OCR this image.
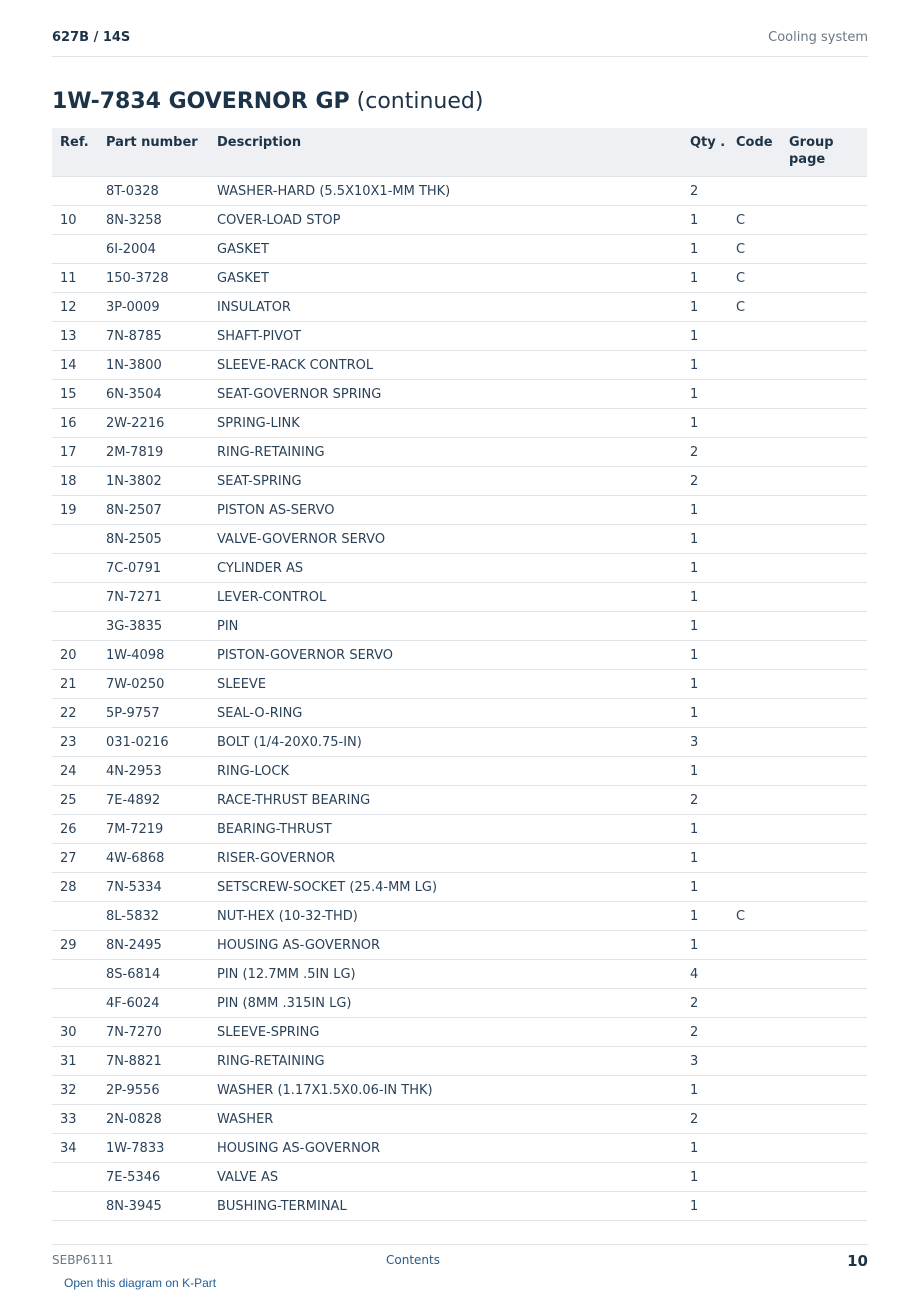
627B / 14S	Cooling system
1W-7834 GOVERNOR GP (continued)
Ref.	Part number	Description	Qty .	Code	Group page
	8T-0328	WASHER-HARD (5.5X10X1-MM THK)	2		
10	8N-3258	COVER-LOAD STOP	1	C	
	6I-2004	GASKET	1	C	
11	150-3728	GASKET	1	C	
12	3P-0009	INSULATOR	1	C	
13	7N-8785	SHAFT-PIVOT	1		
14	1N-3800	SLEEVE-RACK CONTROL	1		
15	6N-3504	SEAT-GOVERNOR SPRING	1		
16	2W-2216	SPRING-LINK	1		
17	2M-7819	RING-RETAINING	2		
18	1N-3802	SEAT-SPRING	2		
19	8N-2507	PISTON AS-SERVO	1		
	8N-2505	VALVE-GOVERNOR SERVO	1		
	7C-0791	CYLINDER AS	1		
	7N-7271	LEVER-CONTROL	1		
	3G-3835	PIN	1		
20	1W-4098	PISTON-GOVERNOR SERVO	1		
21	7W-0250	SLEEVE	1		
22	5P-9757	SEAL-O-RING	1		
23	031-0216	BOLT (1/4-20X0.75-IN)	3		
24	4N-2953	RING-LOCK	1		
25	7E-4892	RACE-THRUST BEARING	2		
26	7M-7219	BEARING-THRUST	1		
27	4W-6868	RISER-GOVERNOR	1		
28	7N-5334	SETSCREW-SOCKET (25.4-MM LG)	1		
	8L-5832	NUT-HEX (10-32-THD)	1	C	
29	8N-2495	HOUSING AS-GOVERNOR	1		
	8S-6814	PIN (12.7MM .5IN LG)	4		
	4F-6024	PIN (8MM .315IN LG)	2		
30	7N-7270	SLEEVE-SPRING	2		
31	7N-8821	RING-RETAINING	3		
32	2P-9556	WASHER (1.17X1.5X0.06-IN THK)	1		
33	2N-0828	WASHER	2		
34	1W-7833	HOUSING AS-GOVERNOR	1		
	7E-5346	VALVE AS	1		
	8N-3945	BUSHING-TERMINAL	1		
SEBP6111	Contents	10
Open this diagram on K-Part
